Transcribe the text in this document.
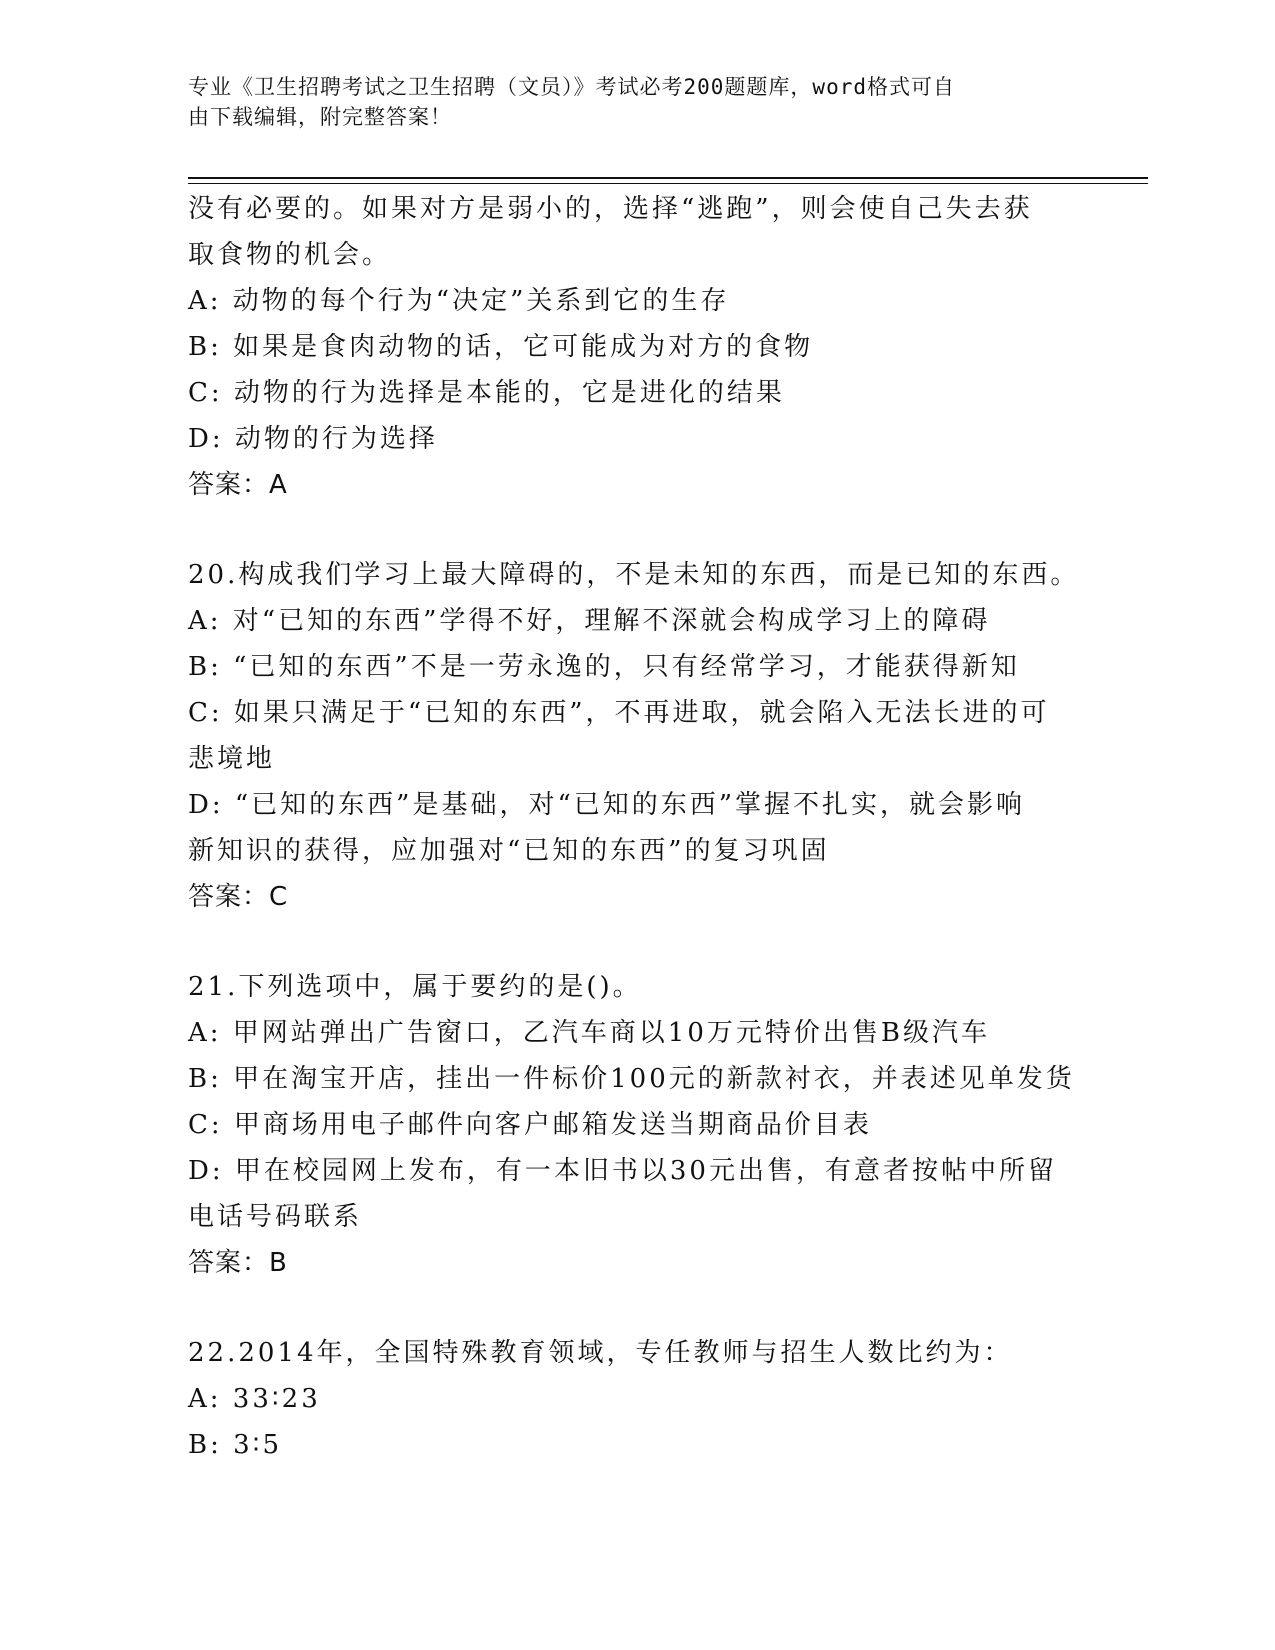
专业《卫生招聘考试之卫生招聘（文员）》考试必考200题题库，word格式可自
由下载编辑，附完整答案！

没有必要的。如果对方是弱小的，选择“逃跑”，则会使自己失去获

取食物的机会。

A: 动物的每个行为“决定”关系到它的生存

B: 如果是食肉动物的话，它可能成为对方的食物

C: 动物的行为选择是本能的，它是进化的结果

D: 动物的行为选择

答案：A

20.构成我们学习上最大障碍的，不是未知的东西，而是已知的东西。

A: 对“已知的东西”学得不好，理解不深就会构成学习上的障碍

B: “已知的东西”不是一劳永逸的，只有经常学习，才能获得新知

C: 如果只满足于“已知的东西”，不再进取，就会陷入无法长进的可

悲境地

D: “已知的东西”是基础，对“已知的东西”掌握不扎实，就会影响

新知识的获得，应加强对“已知的东西”的复习巩固

答案：C

21.下列选项中，属于要约的是()。

A: 甲网站弹出广告窗口，乙汽车商以10万元特价出售B级汽车

B: 甲在淘宝开店，挂出一件标价100元的新款衬衣，并表述见单发货

C: 甲商场用电子邮件向客户邮箱发送当期商品价目表

D: 甲在校园网上发布，有一本旧书以30元出售，有意者按帖中所留

电话号码联系

答案：B

22.2014年，全国特殊教育领域，专任教师与招生人数比约为：

A: 33∶23

B: 3∶5
